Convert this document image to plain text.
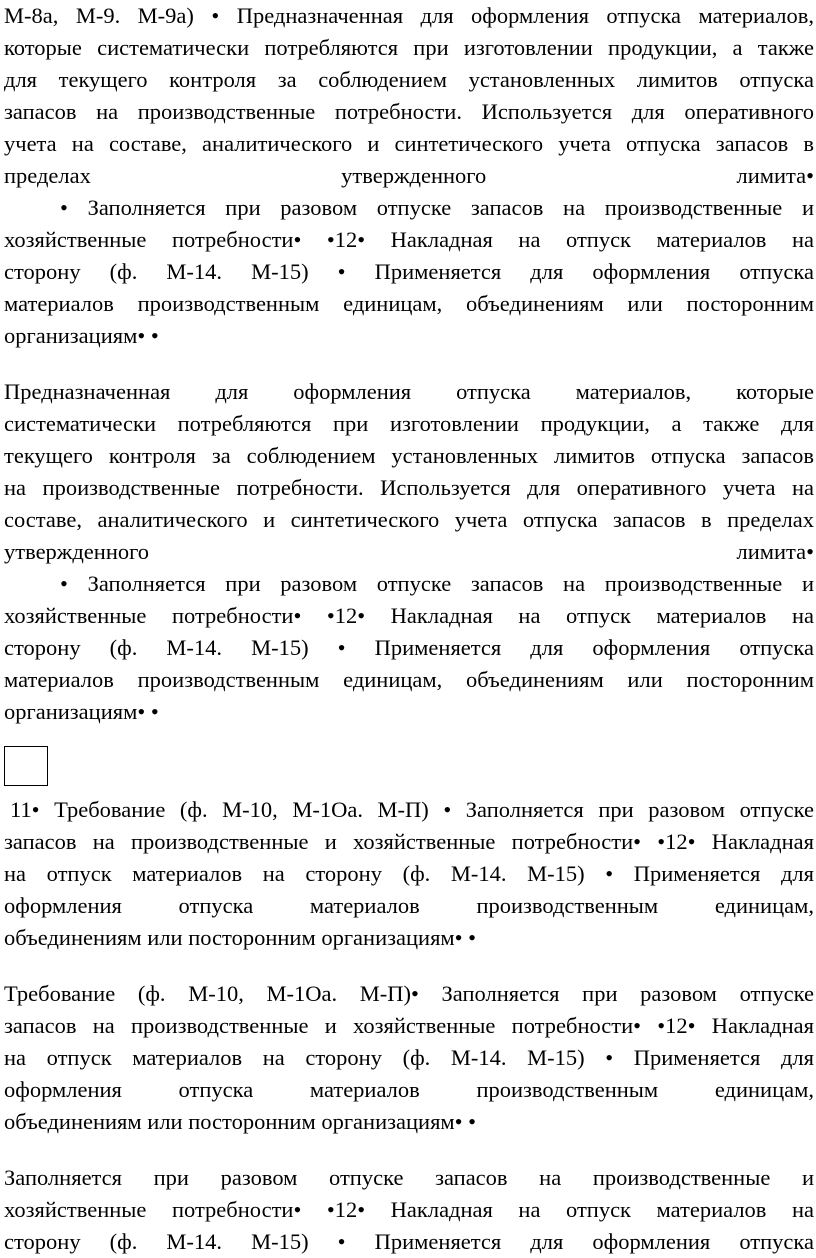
М-8а, М-9. М-9а) • Предназначенная для оформления отпуска материалов,
которые систематически потребляются при изготовлении продукции, а также
для текущего контроля за соблюдением установленных лимитов отпуска
запасов на производственные потребности. Используется для оперативного
учета на составе, аналитического и синтетического учета отпуска запасов в
пределах утвержденного лимита•
• Заполняется при разовом отпуске запасов на производственные и
хозяйственные потребности• •12• Накладная на отпуск материалов на
сторону (ф. М-14. М-15) • Применяется для оформления отпуска
материалов производственным единицам, объединениям или посторонним
организациям• •
Предназначенная для оформления отпуска материалов, которые
систематически потребляются при изготовлении продукции, а также для
текущего контроля за соблюдением установленных лимитов отпуска запасов
на производственные потребности. Используется для оперативного учета на
составе, аналитического и синтетического учета отпуска запасов в пределах
утвержденного лимита•
• Заполняется при разовом отпуске запасов на производственные и
хозяйственные потребности• •12• Накладная на отпуск материалов на
сторону (ф. М-14. М-15) • Применяется для оформления отпуска
материалов производственным единицам, объединениям или посторонним
организациям• •
11• Требование (ф. М-10, М-1Оа. М-П) • Заполняется при разовом отпуске
запасов на производственные и хозяйственные потребности• •12• Накладная
на отпуск материалов на сторону (ф. М-14. М-15) • Применяется для
оформления отпуска материалов производственным единицам,
объединениям или посторонним организациям• •
Требование (ф. М-10, М-1Оа. М-П)• Заполняется при разовом отпуске
запасов на производственные и хозяйственные потребности• •12• Накладная
на отпуск материалов на сторону (ф. М-14. М-15) • Применяется для
оформления отпуска материалов производственным единицам,
объединениям или посторонним организациям• •
Заполняется при разовом отпуске запасов на производственные и
хозяйственные потребности• •12• Накладная на отпуск материалов на
сторону (ф. М-14. М-15) • Применяется для оформления отпуска
